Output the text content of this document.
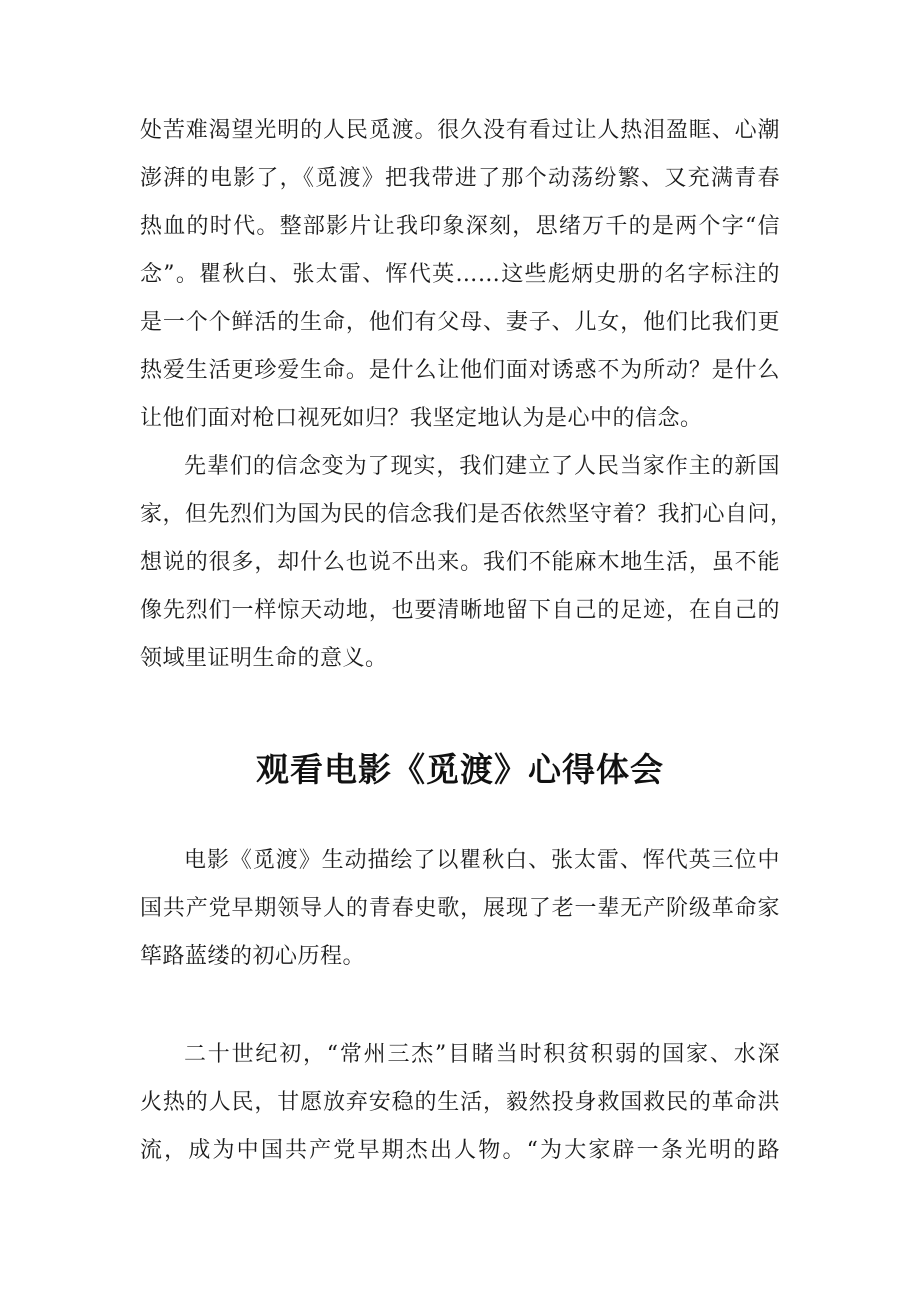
处苦难渴望光明的人民觅渡。很久没有看过让人热泪盈眶、心潮
澎湃的电影了，《觅渡》把我带进了那个动荡纷繁、又充满青春
热血的时代。整部影片让我印象深刻，思绪万千的是两个字“信
念”。瞿秋白、张太雷、恽代英……这些彪炳史册的名字标注的
是一个个鲜活的生命，他们有父母、妻子、儿女，他们比我们更
热爱生活更珍爱生命。是什么让他们面对诱惑不为所动？是什么
让他们面对枪口视死如归？我坚定地认为是心中的信念。
先辈们的信念变为了现实，我们建立了人民当家作主的新国
家，但先烈们为国为民的信念我们是否依然坚守着？我扪心自问，
想说的很多，却什么也说不出来。我们不能麻木地生活，虽不能
像先烈们一样惊天动地，也要清晰地留下自己的足迹，在自己的
领域里证明生命的意义。
观看电影《觅渡》心得体会
电影《觅渡》生动描绘了以瞿秋白、张太雷、恽代英三位中
国共产党早期领导人的青春史歌，展现了老一辈无产阶级革命家
筚路蓝缕的初心历程。
二十世纪初，“常州三杰”目睹当时积贫积弱的国家、水深
火热的人民，甘愿放弃安稳的生活，毅然投身救国救民的革命洪
流，成为中国共产党早期杰出人物。“为大家辟一条光明的路
